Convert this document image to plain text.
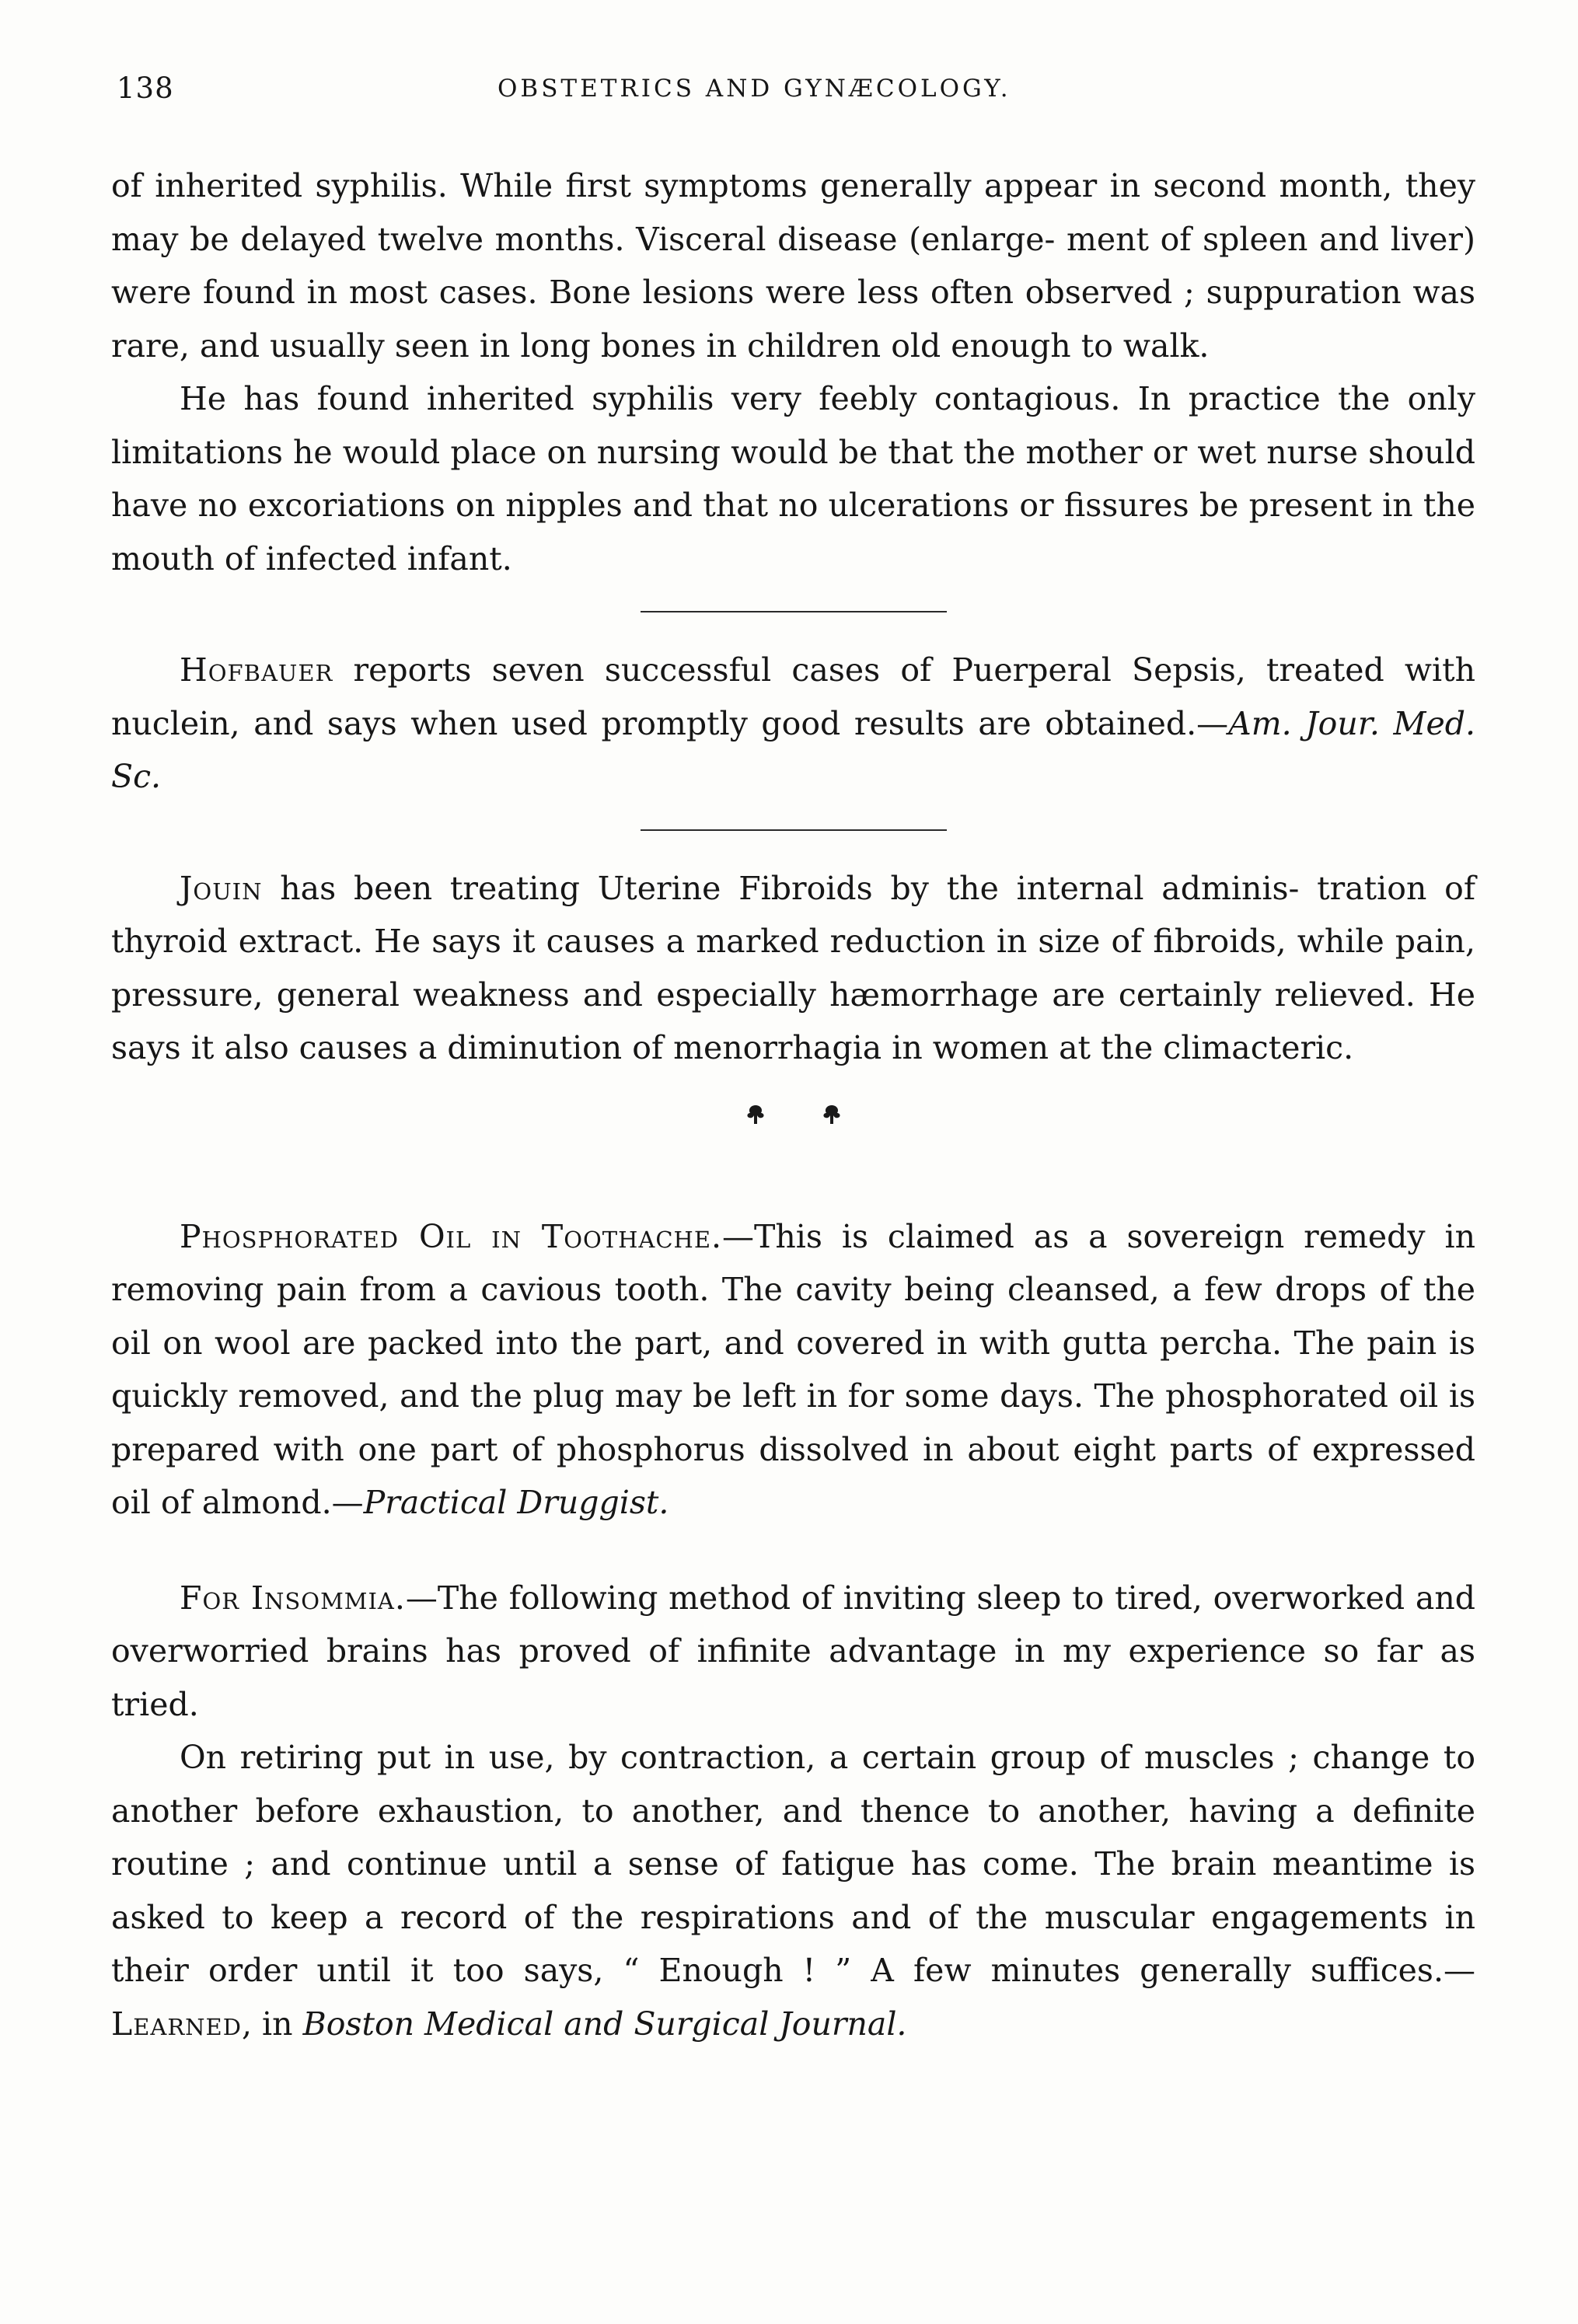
138	OBSTETRICS AND GYNÆCOLOGY.

of inherited syphilis. While first symptoms generally appear in second month, they may be delayed twelve months. Visceral disease (enlarge- ment of spleen and liver) were found in most cases. Bone lesions were less often observed ; suppuration was rare, and usually seen in long bones in children old enough to walk.

He has found inherited syphilis very feebly contagious. In practice the only limitations he would place on nursing would be that the mother or wet nurse should have no excoriations on nipples and that no ulcerations or fissures be present in the mouth of infected infant.

Hofbauer reports seven successful cases of Puerperal Sepsis, treated with nuclein, and says when used promptly good results are obtained.—Am. Jour. Med. Sc.

Jouin has been treating Uterine Fibroids by the internal adminis- tration of thyroid extract. He says it causes a marked reduction in size of fibroids, while pain, pressure, general weakness and especially hæmorrhage are certainly relieved. He says it also causes a diminution of menorrhagia in women at the climacteric.

Phosphorated Oil in Toothache.—This is claimed as a sovereign remedy in removing pain from a cavious tooth. The cavity being cleansed, a few drops of the oil on wool are packed into the part, and covered in with gutta percha. The pain is quickly removed, and the plug may be left in for some days. The phosphorated oil is prepared with one part of phosphorus dissolved in about eight parts of expressed oil of almond.—Practical Druggist.

For Insommia.—The following method of inviting sleep to tired, overworked and overworried brains has proved of infinite advantage in my experience so far as tried.

On retiring put in use, by contraction, a certain group of muscles ; change to another before exhaustion, to another, and thence to another, having a definite routine ; and continue until a sense of fatigue has come. The brain meantime is asked to keep a record of the respirations and of the muscular engagements in their order until it too says, “ Enough ! ” A few minutes generally suffices.—Learned, in Boston Medical and Surgical Journal.
